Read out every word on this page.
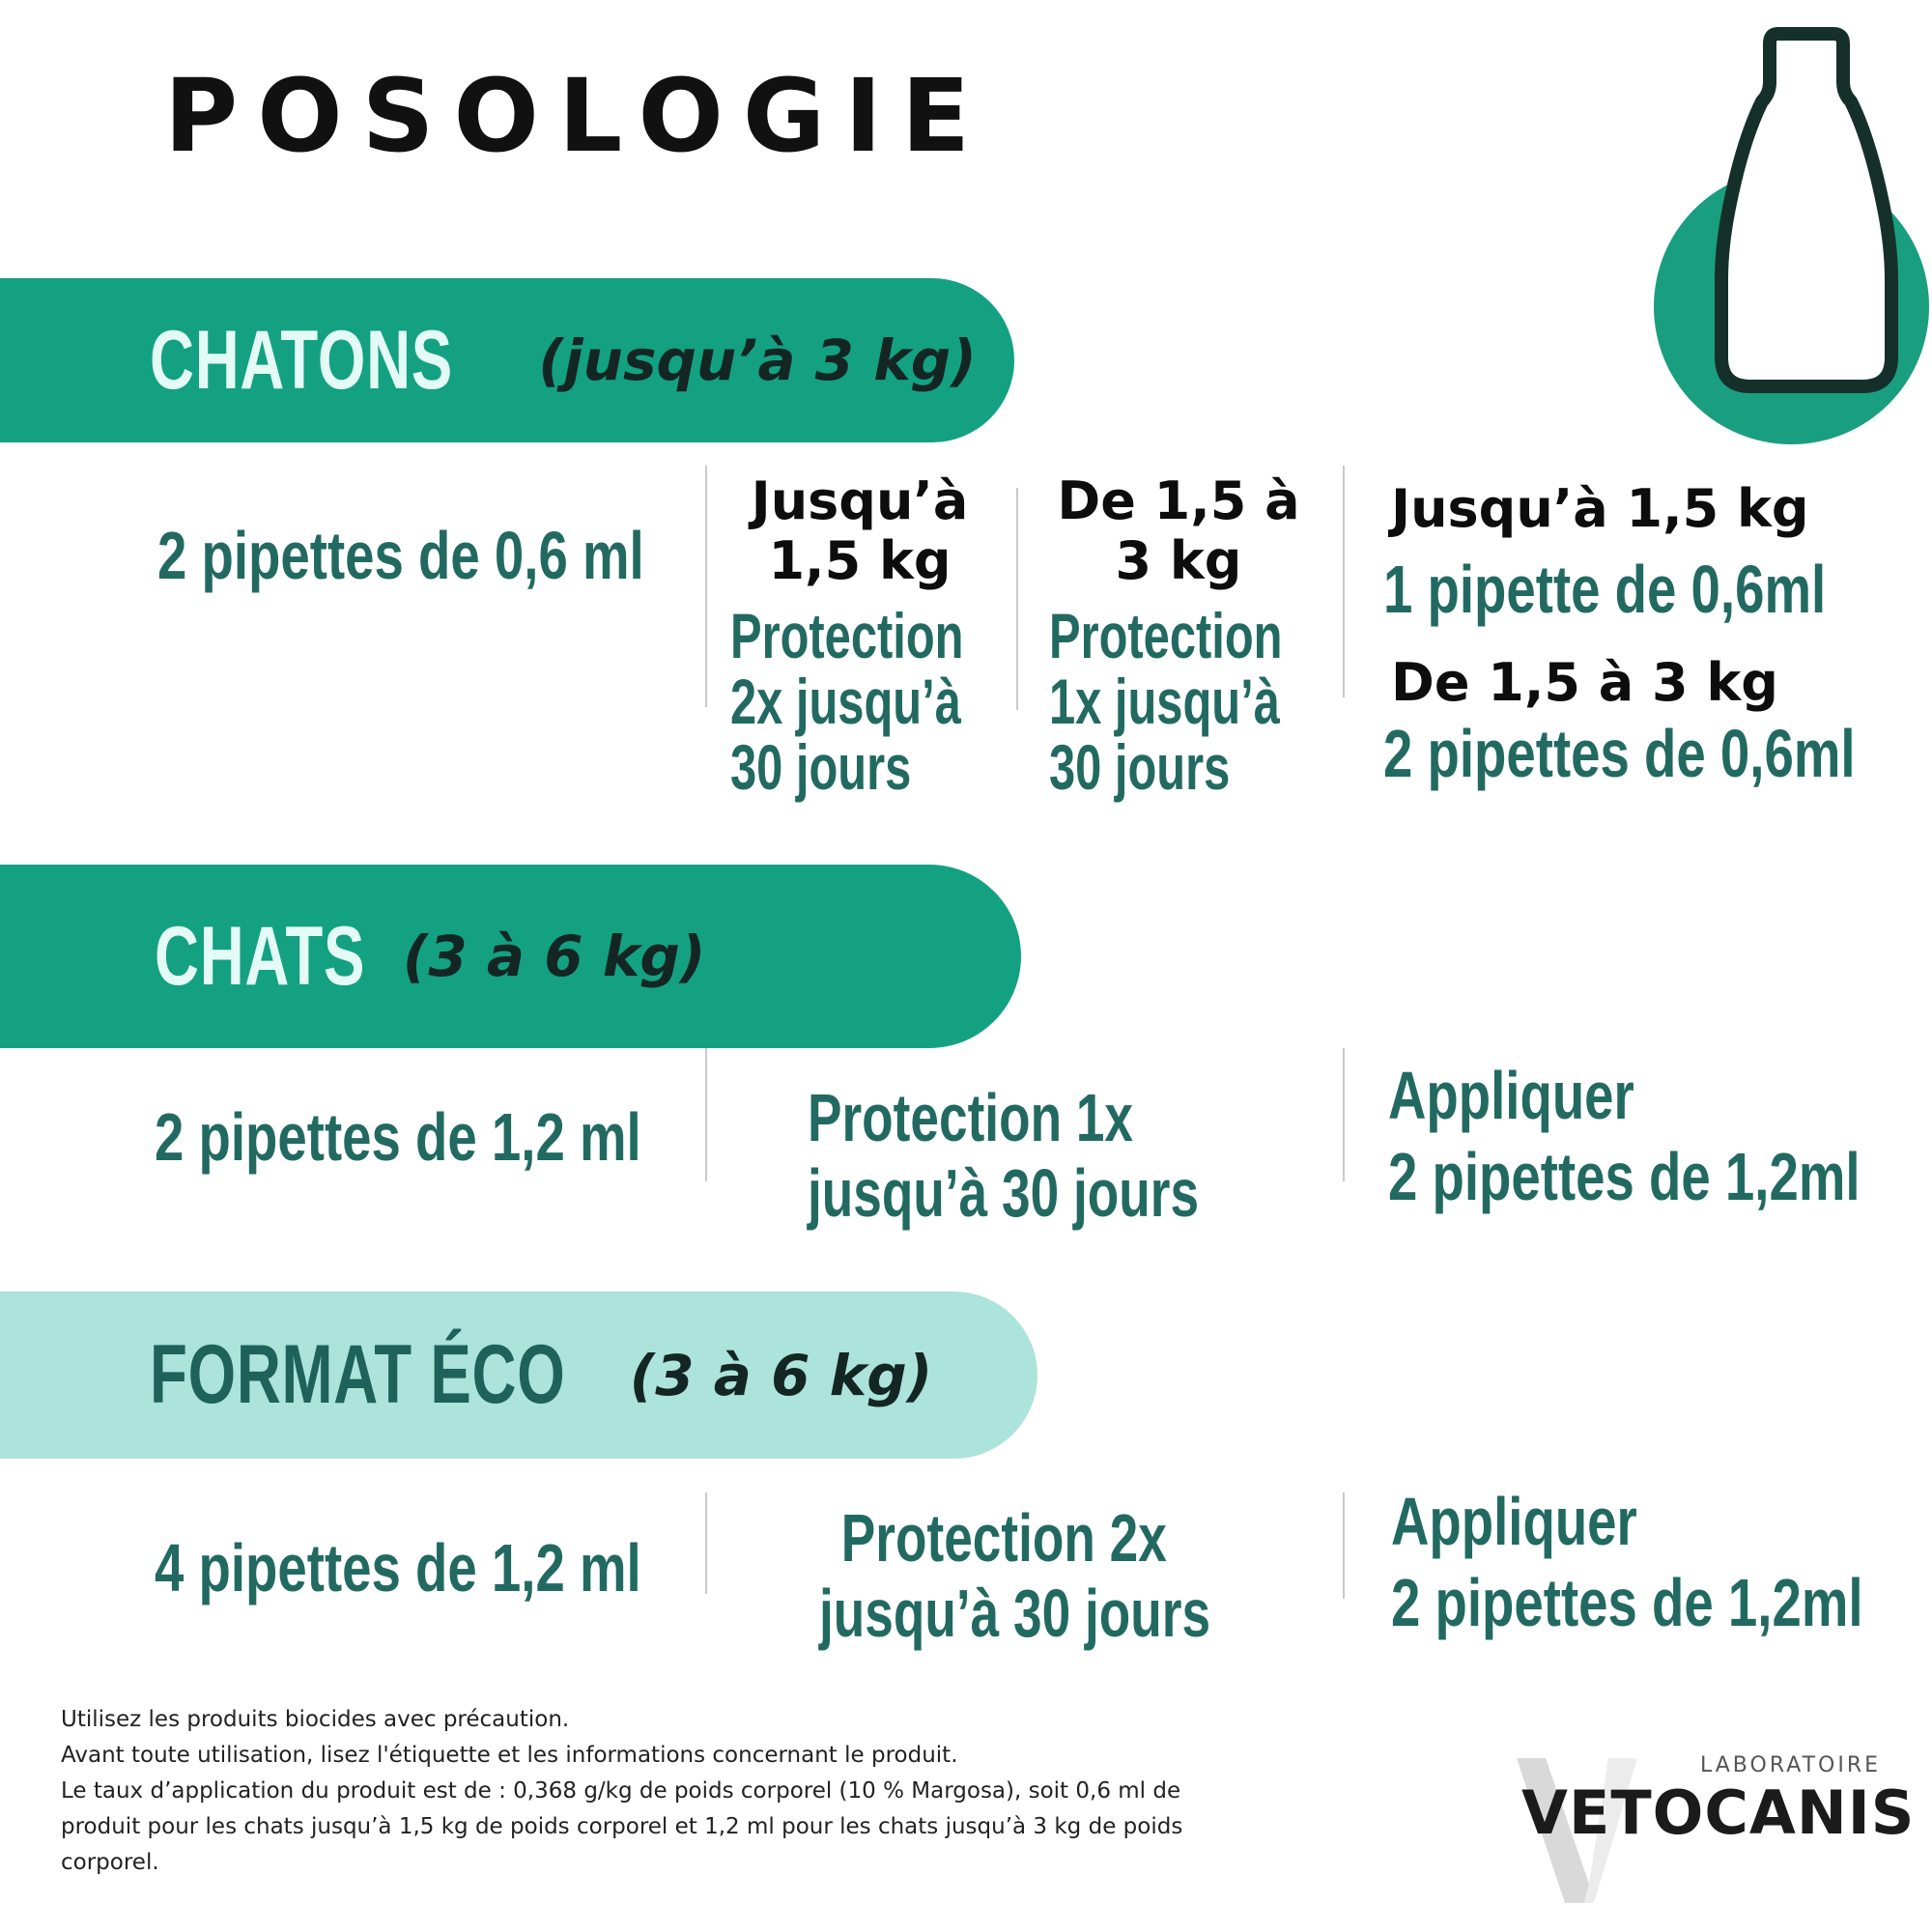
POSOLOGIE
CHATONS (jusqu’à 3 kg)
2 pipettes de 0,6 ml
Jusqu’à
1,5 kg
Protection
2x jusqu’à
30 jours
De 1,5 à
3 kg
Protection
1x jusqu’à
30 jours
Jusqu’à 1,5 kg
1 pipette de 0,6ml
De 1,5 à 3 kg
2 pipettes de 0,6ml
CHATS (3 à 6 kg)
2 pipettes de 1,2 ml Protection 1x
jusqu’à 30 jours
Appliquer
2 pipettes de 1,2ml
FORMAT ÉCO (3 à 6 kg)
4 pipettes de 1,2 ml	Protection 2x
jusqu’à 30 jours
Appliquer
2 pipettes de 1,2ml
Utilisez les produits biocides avec précaution.
Avant toute utilisation, lisez l'étiquette et les informations concernant le produit.
Le taux d’application du produit est de : 0,368 g/kg de poids corporel (10 % Margosa), soit 0,6 ml de
produit pour les chats jusqu’à 1,5 kg de poids corporel et 1,2 ml pour les chats jusqu’à 3 kg de poids
corporel.
LABORATOIRE
VETOCANIS
